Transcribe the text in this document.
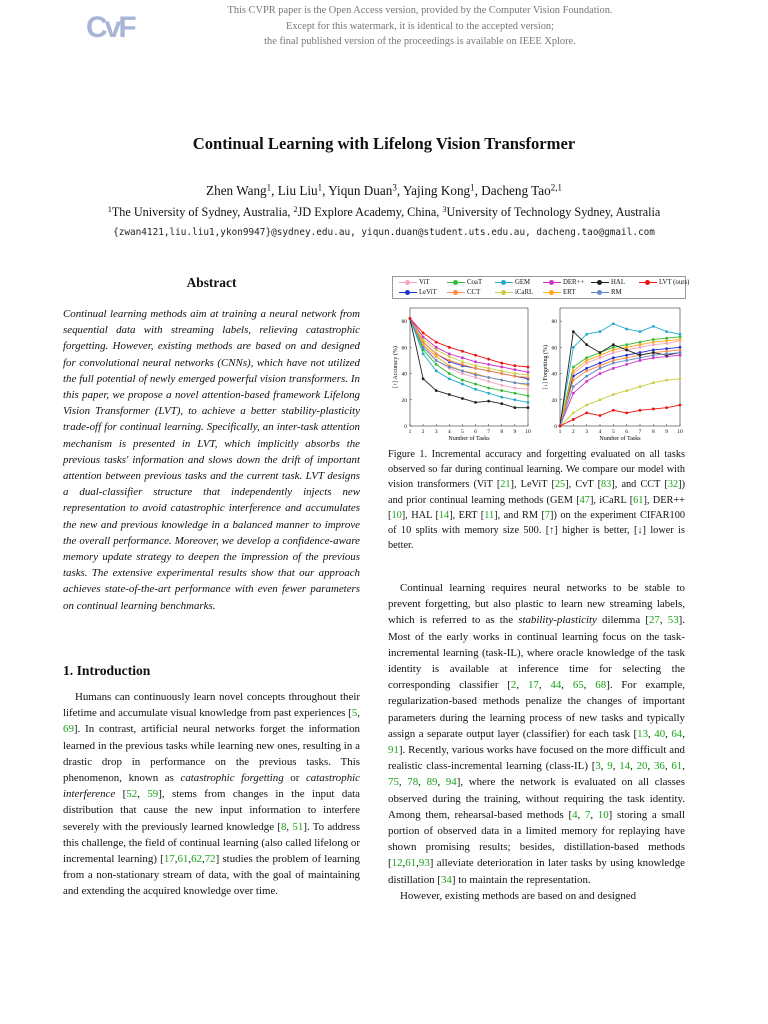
CvF
This CVPR paper is the Open Access version, provided by the Computer Vision Foundation.
Except for this watermark, it is identical to the accepted version;
the final published version of the proceedings is available on IEEE Xplore.
Continual Learning with Lifelong Vision Transformer
Zhen Wang$^1$, Liu Liu$^1$, Yiqun Duan$^3$, Yajing Kong$^1$, Dacheng Tao$^{2,1}$
$^1$The University of Sydney, Australia, $^2$JD Explore Academy, China, $^3$University of Technology Sydney, Australia
{zwan4121,liu.liu1,ykon9947}@sydney.edu.au, yiqun.duan@student.uts.edu.au, dacheng.tao@gmail.com
Abstract
Continual learning methods aim at training a neural network from sequential data with streaming labels, relieving catastrophic forgetting. However, existing methods are based on and designed for convolutional neural networks (CNNs), which have not utilized the full potential of newly emerged powerful vision transformers. In this paper, we propose a novel attention-based framework Lifelong Vision Transformer (LVT), to achieve a better stability-plasticity trade-off for continual learning. Specifically, an inter-task attention mechanism is presented in LVT, which implicitly absorbs the previous tasks' information and slows down the drift of important attention between previous tasks and the current task. LVT designs a dual-classifier structure that independently injects new representation to avoid catastrophic interference and accumulates the new and previous knowledge in a balanced manner to improve the overall performance. Moreover, we develop a confidence-aware memory update strategy to deepen the impression of the previous tasks. The extensive experimental results show that our approach achieves state-of-the-art performance with even fewer parameters on continual learning benchmarks.
1. Introduction

Humans can continuously learn novel concepts throughout their lifetime and accumulate visual knowledge from past experiences [5, 69]. In contrast, artificial neural networks forget the information learned in the previous tasks while learning new ones, resulting in a drastic drop in performance on the previous tasks. This phenomenon, known as catastrophic forgetting or catastrophic interference [52, 59], stems from changes in the input data distribution that cause the new input information to interfere severely with the previously learned knowledge [8, 51]. To address this challenge, the field of continual learning (also called lifelong or incremental learning) [17,61,62,72] studies the problem of learning from a non-stationary stream of data, with the goal of maintaining and extending the acquired knowledge over time.

0
20
40
60
80
1 2 3 4 5 6 7 8 9 10
Number of Tasks
[↑] Accuracy (%)
0
20
40
60
80
1 2 3 4 5 6 7 8 9 10
Number of Tasks
[↓] Forgetting (%)
ViT
LeViT
CoaT
CCT
GEM
iCaRL
DER++
ERT
HAL
RM
LVT (ours)
Figure 1. Incremental accuracy and forgetting evaluated on all tasks observed so far during continual learning. We compare our model with vision transformers (ViT [21], LeViT [25], CvT [83], and CCT [32]) and prior continual learning methods (GEM [47], iCaRL [61], DER++ [10], HAL [14], ERT [11], and RM [7]) on the experiment CIFAR100 of 10 splits with memory size 500. [↑] higher is better, [↓] lower is better.

Continual learning requires neural networks to be stable to prevent forgetting, but also plastic to learn new streaming labels, which is referred to as the stability-plasticity dilemma [27, 53]. Most of the early works in continual learning focus on the task-incremental learning (task-IL), where oracle knowledge of the task identity is available at inference time for selecting the corresponding classifier [2, 17, 44, 65, 68]. For example, regularization-based methods penalize the changes of important parameters during the learning process of new tasks and typically assign a separate output layer (classifier) for each task [13, 40, 64, 91]. Recently, various works have focused on the more difficult and realistic class-incremental learning (class-IL) [3, 9, 14, 20, 36, 61, 75, 78, 89, 94], where the network is evaluated on all classes observed during the training, without requiring the task identity. Among them, rehearsal-based methods [4, 7, 10] storing a small portion of observed data in a limited memory for replaying have shown promising results; besides, distillation-based methods [12,61,93] alleviate deterioration in later tasks by using knowledge distillation [34] to maintain the representation.

However, existing methods are based on and designed
